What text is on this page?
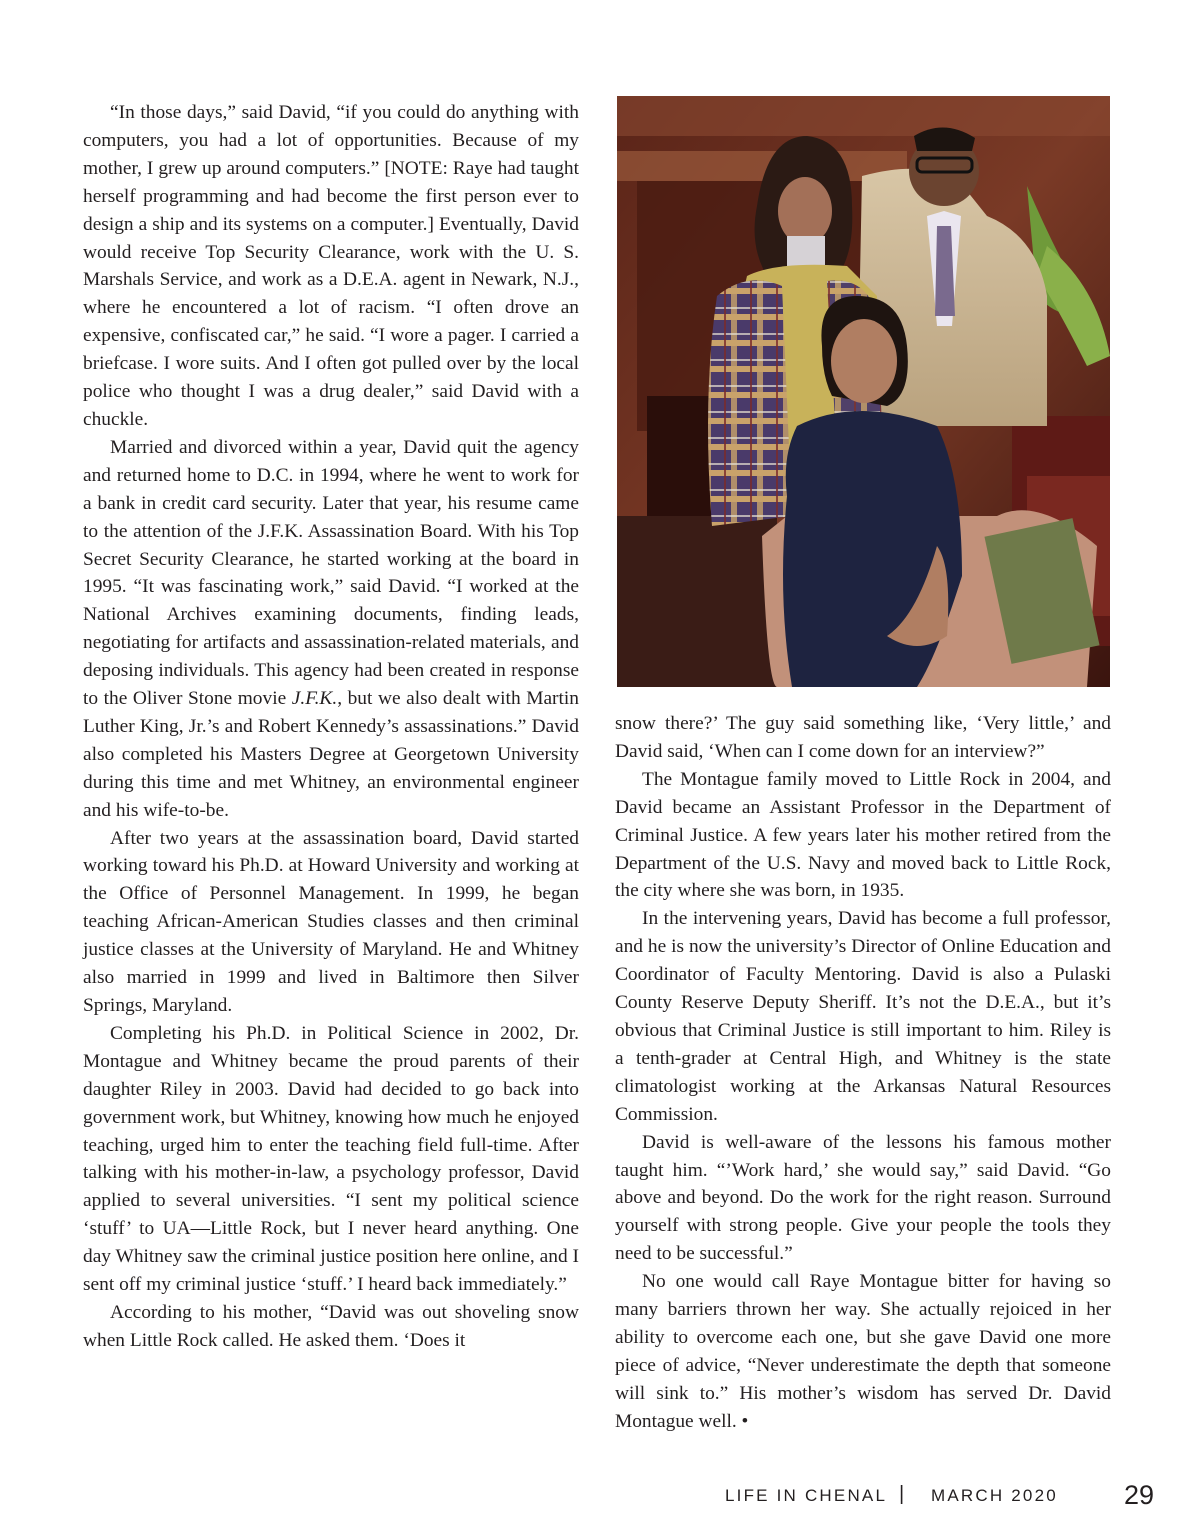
“In those days,” said David, “if you could do anything with computers, you had a lot of opportunities. Because of my mother, I grew up around computers.” [NOTE: Raye had taught herself programming and had become the first person ever to design a ship and its systems on a computer.] Eventually, David would receive Top Security Clearance, work with the U. S. Marshals Service, and work as a D.E.A. agent in Newark, N.J., where he encountered a lot of racism. “I often drove an expensive, confiscated car,” he said. “I wore a pager. I carried a briefcase. I wore suits. And I often got pulled over by the local police who thought I was a drug dealer,” said David with a chuckle.

Married and divorced within a year, David quit the agency and returned home to D.C. in 1994, where he went to work for a bank in credit card security. Later that year, his resume came to the attention of the J.F.K. Assassination Board. With his Top Secret Security Clearance, he started working at the board in 1995. “It was fascinating work,” said David. “I worked at the National Archives examining documents, finding leads, negotiating for artifacts and assassination-related materials, and deposing individuals. This agency had been created in response to the Oliver Stone movie J.F.K., but we also dealt with Martin Luther King, Jr.’s and Robert Kennedy’s assassinations.” David also completed his Masters Degree at Georgetown University during this time and met Whitney, an environmental engineer and his wife-to-be.

After two years at the assassination board, David started working toward his Ph.D. at Howard University and working at the Office of Personnel Management. In 1999, he began teaching African-American Studies classes and then criminal justice classes at the University of Maryland. He and Whitney also married in 1999 and lived in Baltimore then Silver Springs, Maryland.

Completing his Ph.D. in Political Science in 2002, Dr. Montague and Whitney became the proud parents of their daughter Riley in 2003. David had decided to go back into government work, but Whitney, knowing how much he enjoyed teaching, urged him to enter the teaching field full-time. After talking with his mother-in-law, a psychology professor, David applied to several universities. “I sent my political science ‘stuff’ to UA—Little Rock, but I never heard anything. One day Whitney saw the criminal justice position here online, and I sent off my criminal justice ‘stuff.’ I heard back immediately.”

According to his mother, “David was out shoveling snow when Little Rock called. He asked them. ‘Does it

snow there?’ The guy said something like, ‘Very little,’ and David said, ‘When can I come down for an interview?”

The Montague family moved to Little Rock in 2004, and David became an Assistant Professor in the Department of Criminal Justice. A few years later his mother retired from the Department of the U.S. Navy and moved back to Little Rock, the city where she was born, in 1935.

In the intervening years, David has become a full professor, and he is now the university’s Director of Online Education and Coordinator of Faculty Mentoring. David is also a Pulaski County Reserve Deputy Sheriff. It’s not the D.E.A., but it’s obvious that Criminal Justice is still important to him. Riley is a tenth-grader at Central High, and Whitney is the state climatologist working at the Arkansas Natural Resources Commission.

David is well-aware of the lessons his famous mother taught him. “’Work hard,’ she would say,” said David. “Go above and beyond. Do the work for the right reason. Surround yourself with strong people. Give your people the tools they need to be successful.”

No one would call Raye Montague bitter for having so many barriers thrown her way. She actually rejoiced in her ability to overcome each one, but she gave David one more piece of advice, “Never underestimate the depth that someone will sink to.” His mother’s wisdom has served Dr. David Montague well. •

LIFE IN CHENAL | MARCH 2020 29
